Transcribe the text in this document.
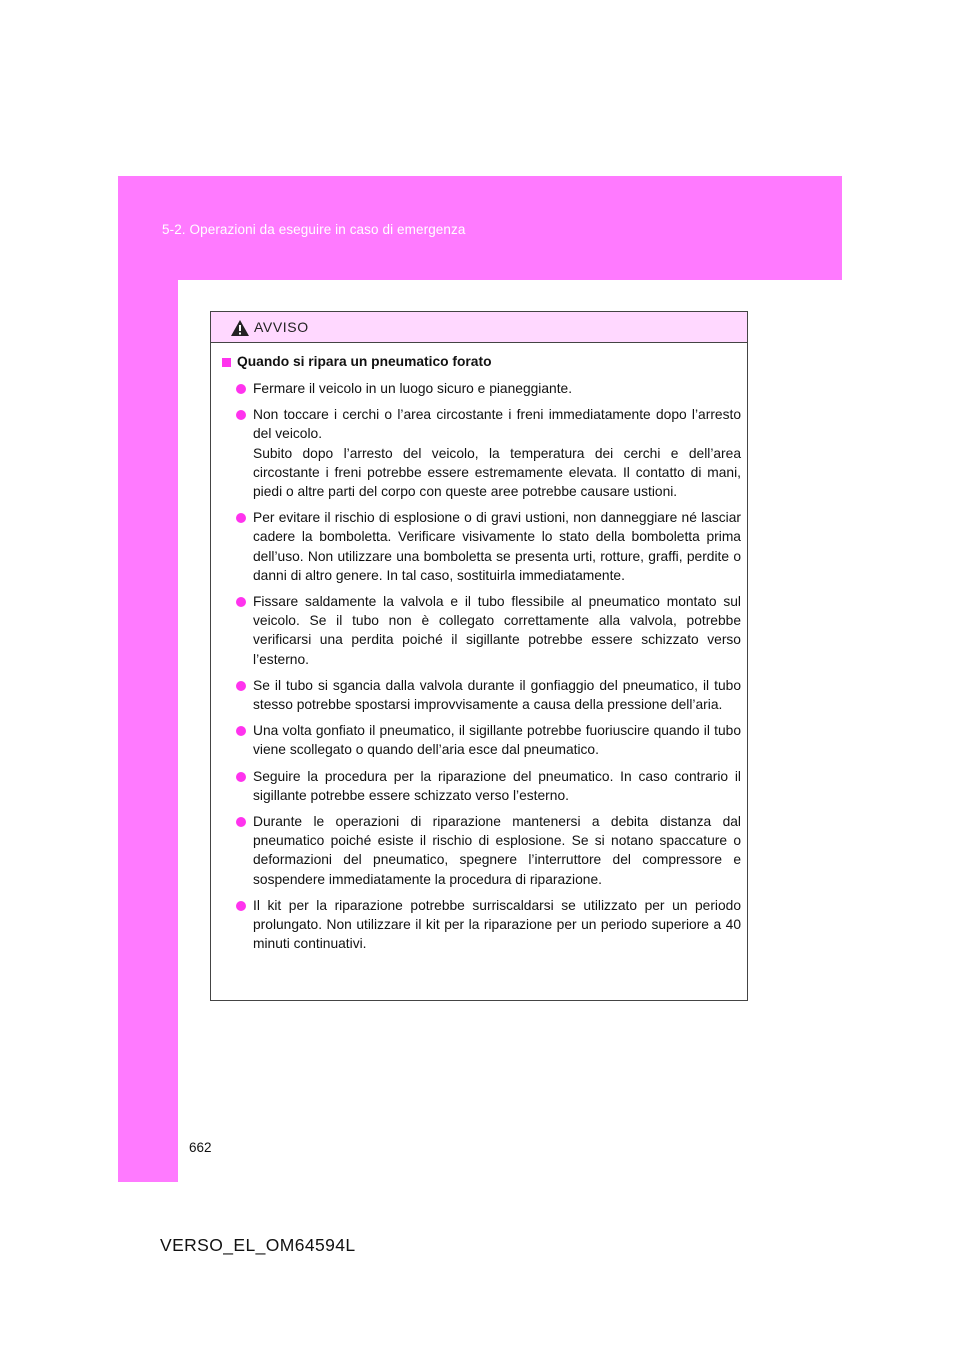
5-2. Operazioni da eseguire in caso di emergenza
AVVISO
Quando si ripara un pneumatico forato
Fermare il veicolo in un luogo sicuro e pianeggiante.
Non toccare i cerchi o l’area circostante i freni immediatamente dopo l’arresto del veicolo.
Subito dopo l’arresto del veicolo, la temperatura dei cerchi e dell’area circostante i freni potrebbe essere estremamente elevata. Il contatto di mani, piedi o altre parti del corpo con queste aree potrebbe causare ustioni.
Per evitare il rischio di esplosione o di gravi ustioni, non danneggiare né lasciar cadere la bomboletta. Verificare visivamente lo stato della bomboletta prima dell’uso. Non utilizzare una bomboletta se presenta urti, rotture, graffi, perdite o danni di altro genere. In tal caso, sostituirla immediatamente.
Fissare saldamente la valvola e il tubo flessibile al pneumatico montato sul veicolo. Se il tubo non è collegato correttamente alla valvola, potrebbe verificarsi una perdita poiché il sigillante potrebbe essere schizzato verso l’esterno.
Se il tubo si sgancia dalla valvola durante il gonfiaggio del pneumatico, il tubo stesso potrebbe spostarsi improvvisamente a causa della pressione dell’aria.
Una volta gonfiato il pneumatico, il sigillante potrebbe fuoriuscire quando il tubo viene scollegato o quando dell’aria esce dal pneumatico.
Seguire la procedura per la riparazione del pneumatico. In caso contrario il sigillante potrebbe essere schizzato verso l’esterno.
Durante le operazioni di riparazione mantenersi a debita distanza dal pneumatico poiché esiste il rischio di esplosione. Se si notano spaccature o deformazioni del pneumatico, spegnere l’interruttore del compressore e sospendere immediatamente la procedura di riparazione.
Il kit per la riparazione potrebbe surriscaldarsi se utilizzato per un periodo prolungato. Non utilizzare il kit per la riparazione per un periodo superiore a 40 minuti continuativi.
662
VERSO_EL_OM64594L
